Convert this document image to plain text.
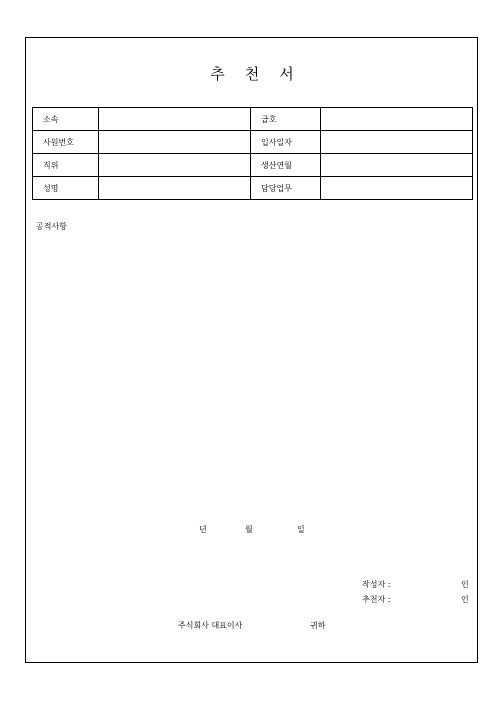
추천서
소속		급호	
사원번호		입사일자	
직위		생산연월	
성명		담당업무	
공적사항
년	월	일
작성자 :	인
추천자 :	인
주식회사 대표이사	귀하
